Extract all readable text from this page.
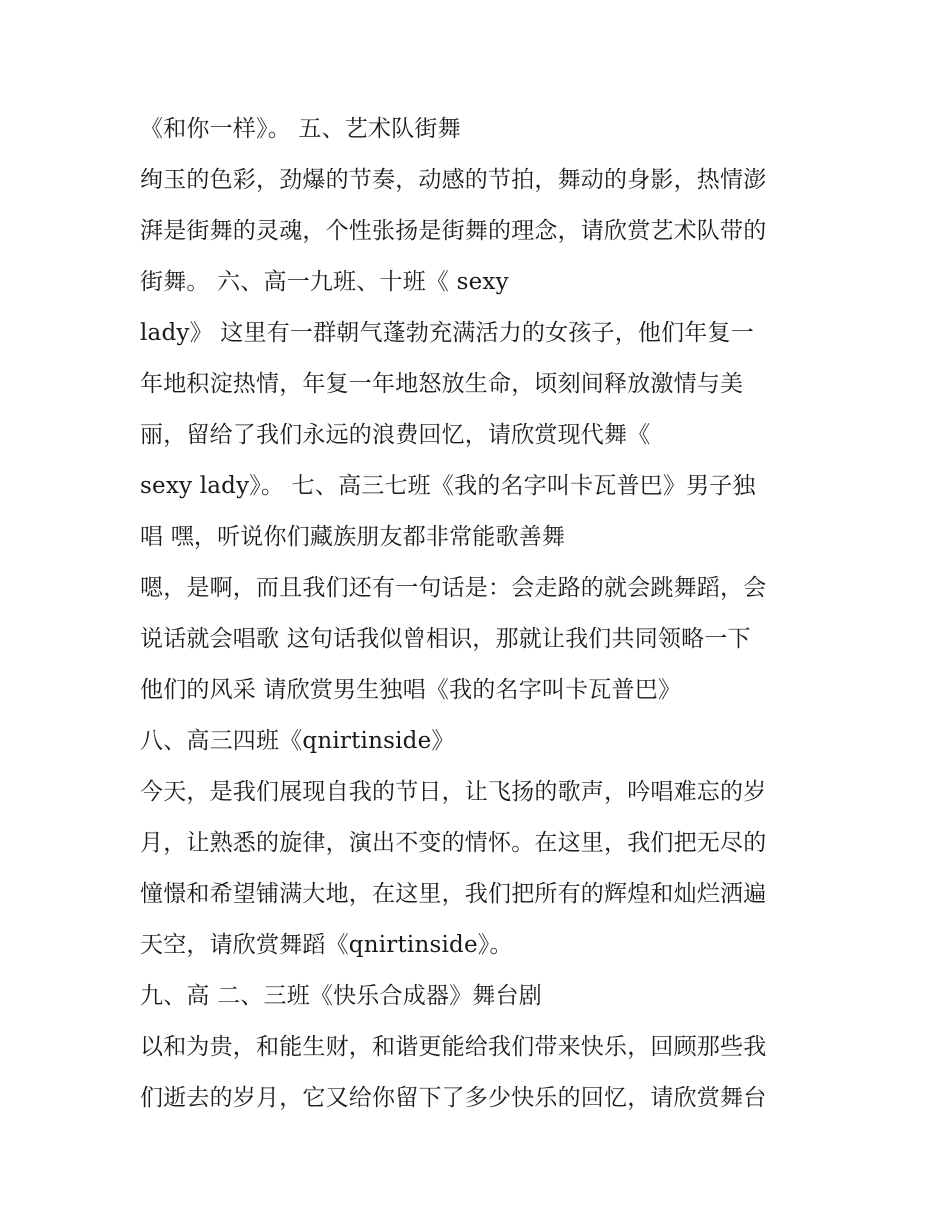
《和你一样》。 五、艺术队街舞
绚玉的色彩，劲爆的节奏，动感的节拍，舞动的身影，热情澎
湃是街舞的灵魂，个性张扬是街舞的理念，请欣赏艺术队带的
街舞。 六、高一九班、十班《 sexy
lady》 这里有一群朝气蓬勃充满活力的女孩子，他们年复一
年地积淀热情，年复一年地怒放生命，顷刻间释放激情与美
丽，留给了我们永远的浪费回忆，请欣赏现代舞《
sexy lady》。 七、高三七班《我的名字叫卡瓦普巴》男子独
唱 嘿，听说你们藏族朋友都非常能歌善舞
嗯，是啊，而且我们还有一句话是：会走路的就会跳舞蹈，会
说话就会唱歌 这句话我似曾相识，那就让我们共同领略一下
他们的风采 请欣赏男生独唱《我的名字叫卡瓦普巴》
八、高三四班《qnirtinside》
今天，是我们展现自我的节日，让飞扬的歌声，吟唱难忘的岁
月，让熟悉的旋律，演出不变的情怀。在这里，我们把无尽的
憧憬和希望铺满大地，在这里，我们把所有的辉煌和灿烂洒遍
天空，请欣赏舞蹈《qnirtinside》。
九、高 二、三班《快乐合成器》舞台剧
以和为贵，和能生财，和谐更能给我们带来快乐，回顾那些我
们逝去的岁月，它又给你留下了多少快乐的回忆，请欣赏舞台
